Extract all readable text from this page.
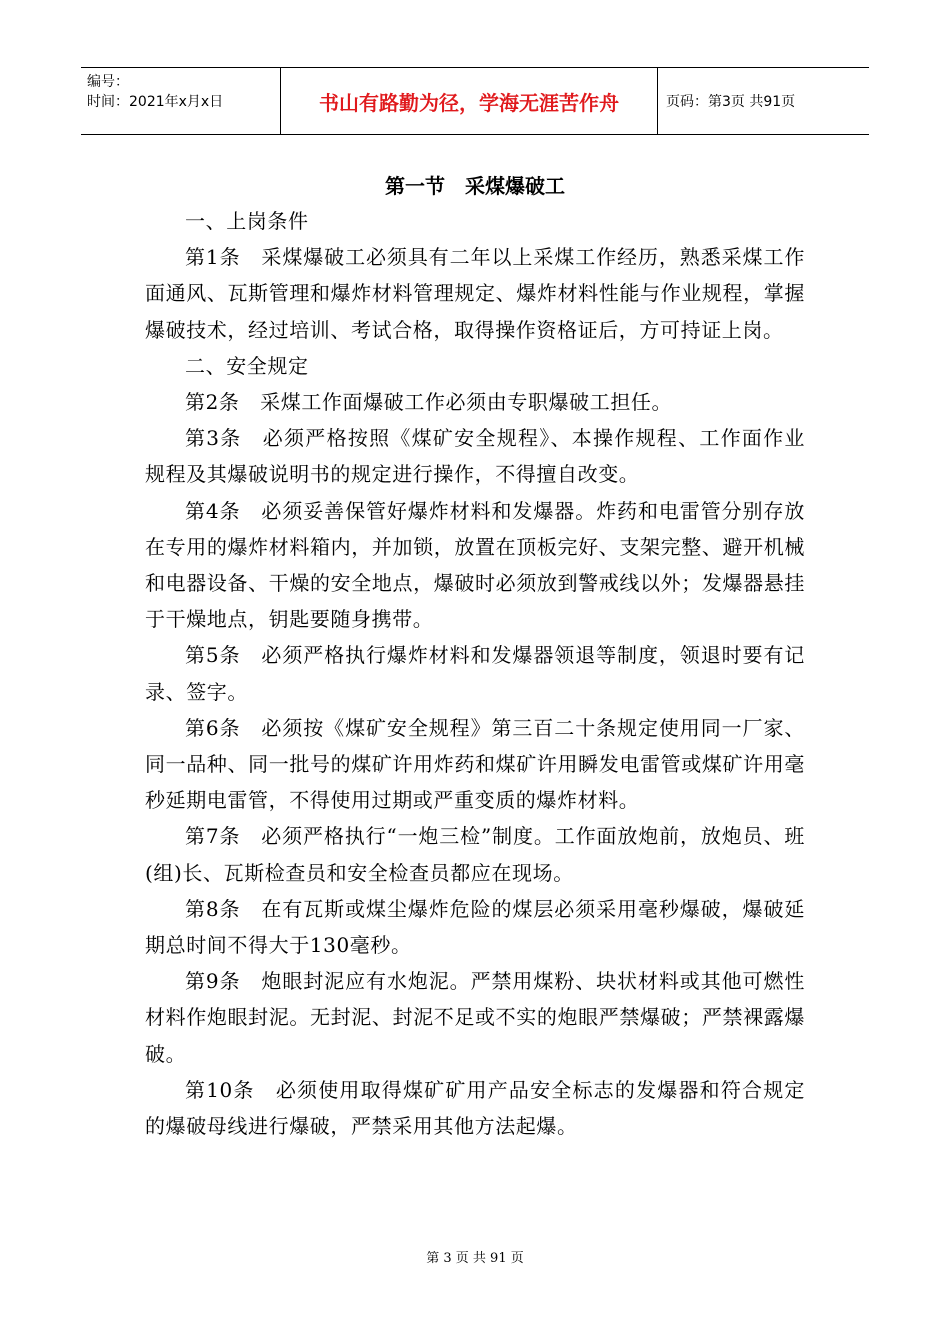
编号：
时间：2021年x月x日	书山有路勤为径，学海无涯苦作舟	页码：第3页 共91页
第一节　采煤爆破工

一、上岗条件

第1条　采煤爆破工必须具有二年以上采煤工作经历，熟悉采煤工作面通风、瓦斯管理和爆炸材料管理规定、爆炸材料性能与作业规程，掌握爆破技术，经过培训、考试合格，取得操作资格证后，方可持证上岗。

二、安全规定

第2条　采煤工作面爆破工作必须由专职爆破工担任。

第3条　必须严格按照《煤矿安全规程》、本操作规程、工作面作业规程及其爆破说明书的规定进行操作，不得擅自改变。

第4条　必须妥善保管好爆炸材料和发爆器。炸药和电雷管分别存放在专用的爆炸材料箱内，并加锁，放置在顶板完好、支架完整、避开机械和电器设备、干燥的安全地点，爆破时必须放到警戒线以外；发爆器悬挂于干燥地点，钥匙要随身携带。

第5条　必须严格执行爆炸材料和发爆器领退等制度，领退时要有记录、签字。

第6条　必须按《煤矿安全规程》第三百二十条规定使用同一厂家、同一品种、同一批号的煤矿许用炸药和煤矿许用瞬发电雷管或煤矿许用毫秒延期电雷管，不得使用过期或严重变质的爆炸材料。

第7条　必须严格执行“一炮三检”制度。工作面放炮前，放炮员、班(组)长、瓦斯检查员和安全检查员都应在现场。

第8条　在有瓦斯或煤尘爆炸危险的煤层必须采用毫秒爆破，爆破延期总时间不得大于130毫秒。

第9条　炮眼封泥应有水炮泥。严禁用煤粉、块状材料或其他可燃性材料作炮眼封泥。无封泥、封泥不足或不实的炮眼严禁爆破；严禁裸露爆破。

第10条　必须使用取得煤矿矿用产品安全标志的发爆器和符合规定的爆破母线进行爆破，严禁采用其他方法起爆。

第 3 页 共 91 页
